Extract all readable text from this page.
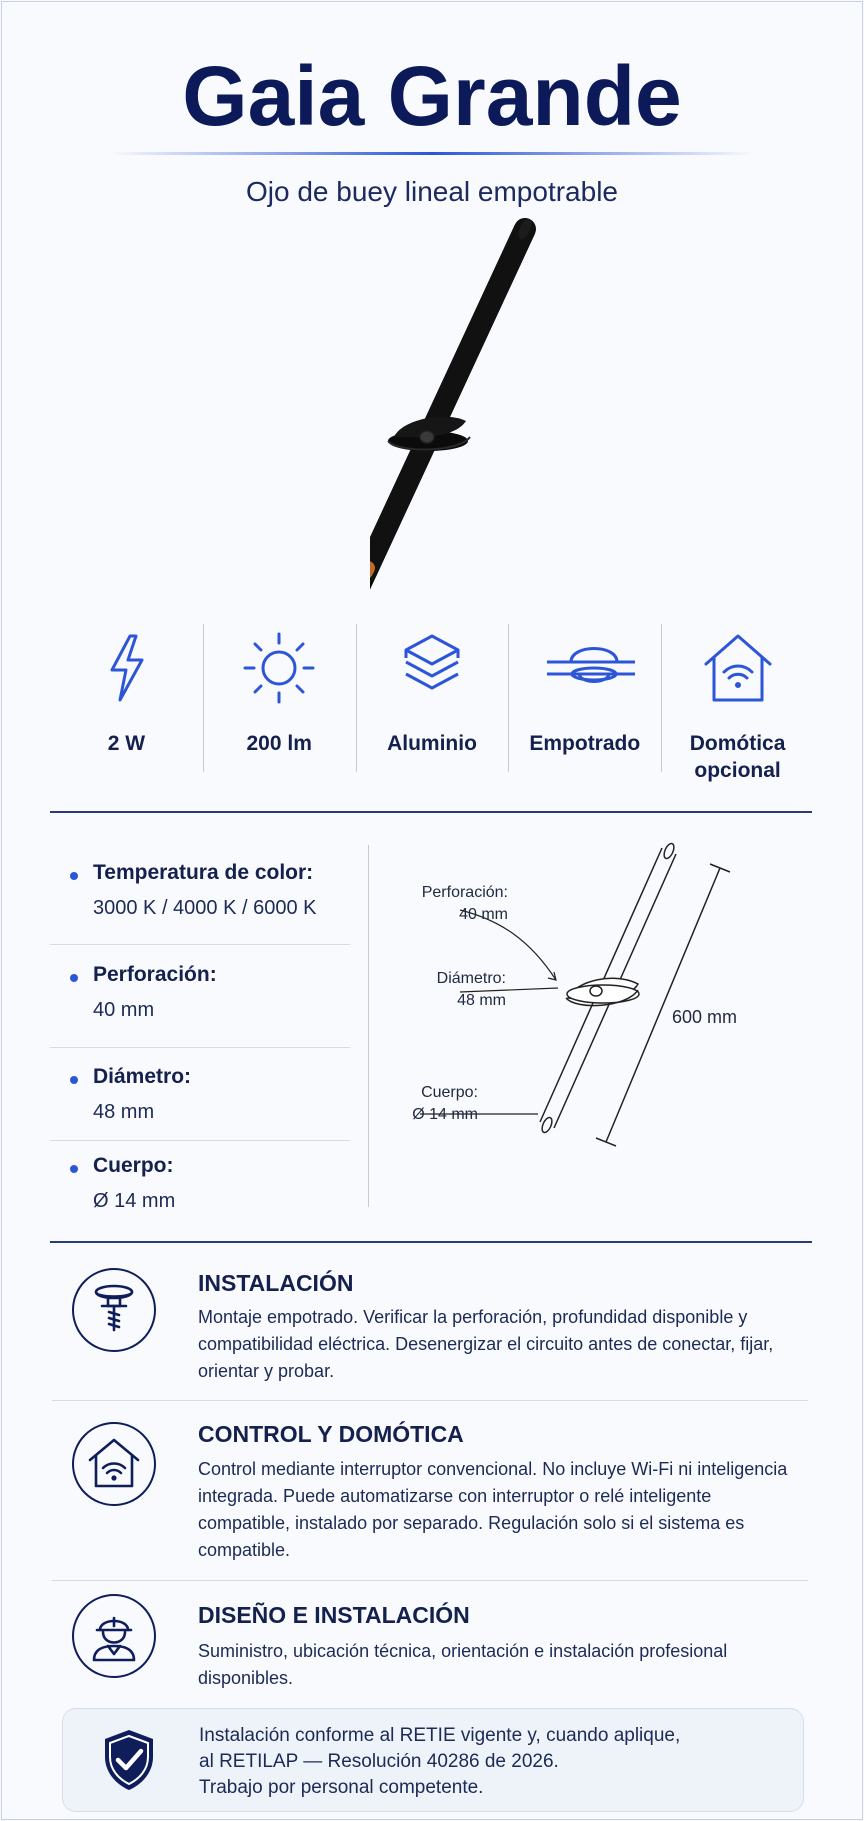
Gaia Grande
Ojo de buey lineal empotrable
2 W	200 lm	Aluminio	Empotrado	Domótica opcional
Temperatura de color:
3000 K / 4000 K / 6000 K
Perforación:
40 mm
Diámetro:
48 mm
Cuerpo:
Ø 14 mm
Perforación:
40 mm
Diámetro:
48 mm
Cuerpo:
Ø 14 mm
600 mm
INSTALACIÓN
Montaje empotrado. Verificar la perforación, profundidad disponible y compatibilidad eléctrica. Desenergizar el circuito antes de conectar, fijar, orientar y probar.
CONTROL Y DOMÓTICA
Control mediante interruptor convencional. No incluye Wi-Fi ni inteligencia integrada. Puede automatizarse con interruptor o relé inteligente compatible, instalado por separado. Regulación solo si el sistema es compatible.
DISEÑO E INSTALACIÓN
Suministro, ubicación técnica, orientación e instalación profesional disponibles.
Instalación conforme al RETIE vigente y, cuando aplique,
al RETILAP — Resolución 40286 de 2026.
Trabajo por personal competente.
